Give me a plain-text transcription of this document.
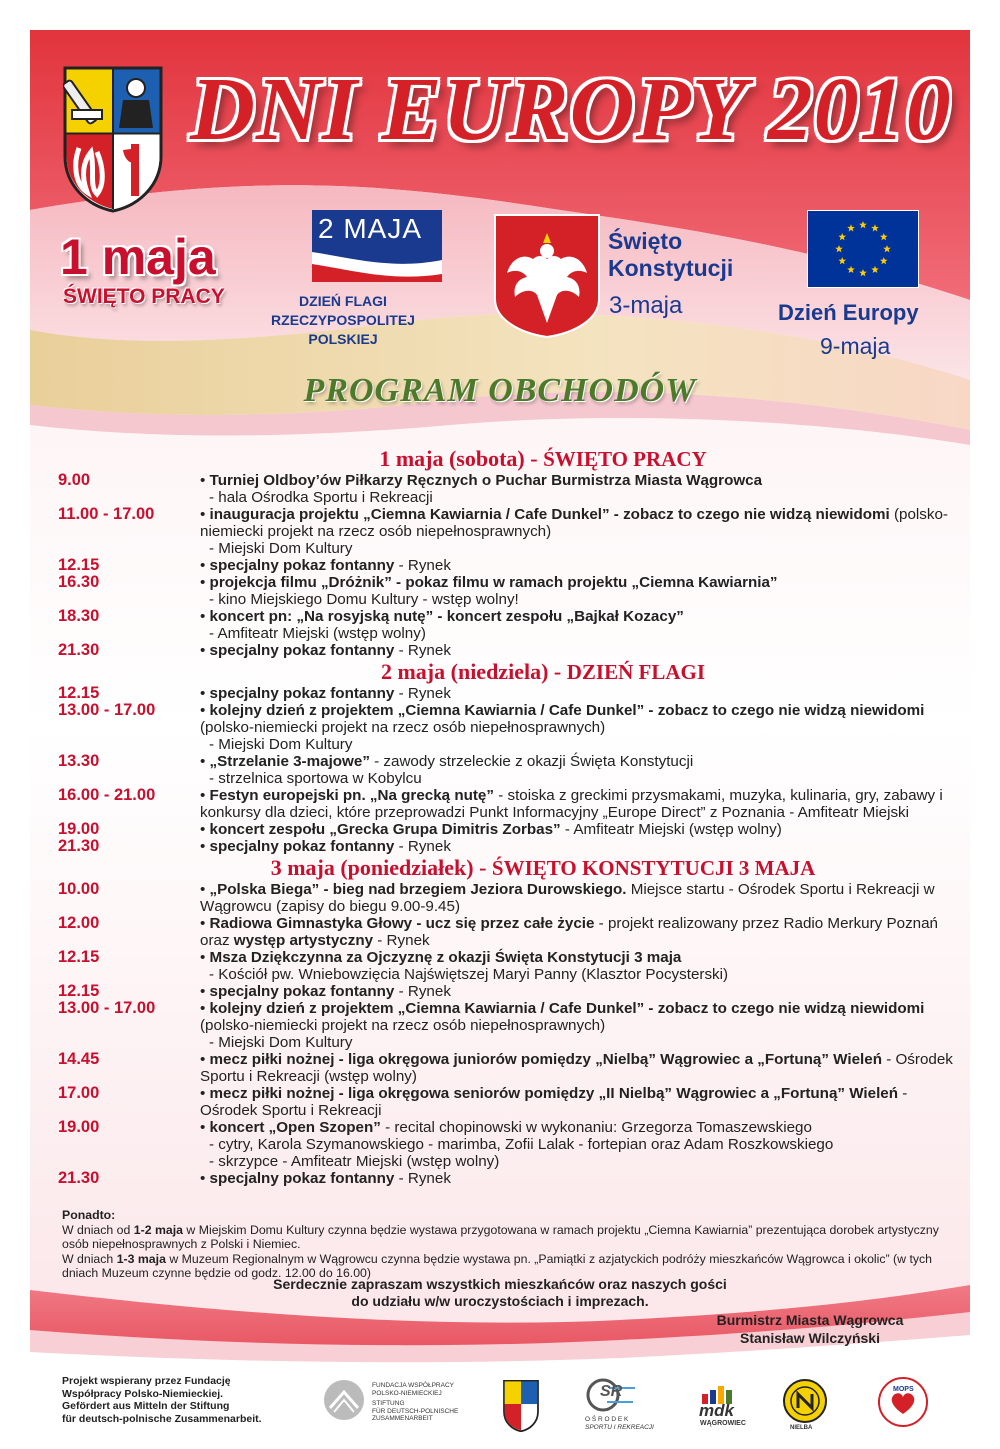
DNI EUROPY 2010
1 maja
ŚWIĘTO PRACY
2 MAJA
DZIEŃ FLAGI
RZECZYPOSPOLITEJ
POLSKIEJ
Święto
Konstytucji
3-maja	Dzień Europy
9-maja
PROGRAM OBCHODÓW
1 maja (sobota) - ŚWIĘTO PRACY
9.00	• Turniej Oldboy’ów Piłkarzy Ręcznych o Puchar Burmistrza Miasta Wągrowca
- hala Ośrodka Sportu i Rekreacji
11.00 - 17.00	• inauguracja projektu „Ciemna Kawiarnia / Cafe Dunkel” - zobacz to czego nie widzą niewidomi (polsko-niemiecki projekt na rzecz osób niepełnosprawnych)
- Miejski Dom Kultury
12.15	• specjalny pokaz fontanny - Rynek
16.30	• projekcja filmu „Dróżnik” - pokaz filmu w ramach projektu „Ciemna Kawiarnia”
- kino Miejskiego Domu Kultury - wstęp wolny!
18.30	• koncert pn: „Na rosyjską nutę” - koncert zespołu „Bajkał Kozacy”
- Amfiteatr Miejski (wstęp wolny)
21.30	• specjalny pokaz fontanny - Rynek
2 maja (niedziela) - DZIEŃ FLAGI
12.15	• specjalny pokaz fontanny - Rynek
13.00 - 17.00	• kolejny dzień z projektem „Ciemna Kawiarnia / Cafe Dunkel” - zobacz to czego nie widzą niewidomi (polsko-niemiecki projekt na rzecz osób niepełnosprawnych)
- Miejski Dom Kultury
13.30	• „Strzelanie 3-majowe” - zawody strzeleckie z okazji Święta Konstytucji
- strzelnica sportowa w Kobylcu
16.00 - 21.00	• Festyn europejski pn. „Na grecką nutę” - stoiska z greckimi przysmakami, muzyka, kulinaria, gry, zabawy i konkursy dla dzieci, które przeprowadzi Punkt Informacyjny „Europe Direct” z Poznania - Amfiteatr Miejski
19.00	• koncert zespołu „Grecka Grupa Dimitris Zorbas” - Amfiteatr Miejski (wstęp wolny)
21.30	• specjalny pokaz fontanny - Rynek
3 maja (poniedziałek) - ŚWIĘTO KONSTYTUCJI 3 MAJA
10.00	• „Polska Biega” - bieg nad brzegiem Jeziora Durowskiego. Miejsce startu - Ośrodek Sportu i Rekreacji w Wągrowcu (zapisy do biegu 9.00-9.45)
12.00	• Radiowa Gimnastyka Głowy - ucz się przez całe życie - projekt realizowany przez Radio Merkury Poznań oraz występ artystyczny - Rynek
12.15	• Msza Dziękczynna za Ojczyznę z okazji Święta Konstytucji 3 maja
- Kościół pw. Wniebowzięcia Najświętszej Maryi Panny (Klasztor Pocysterski)
12.15	• specjalny pokaz fontanny - Rynek
13.00 - 17.00	• kolejny dzień z projektem „Ciemna Kawiarnia / Cafe Dunkel” - zobacz to czego nie widzą niewidomi (polsko-niemiecki projekt na rzecz osób niepełnosprawnych)
- Miejski Dom Kultury
14.45	• mecz piłki nożnej - liga okręgowa juniorów pomiędzy „Nielbą” Wągrowiec a „Fortuną” Wieleń - Ośrodek Sportu i Rekreacji (wstęp wolny)
17.00	• mecz piłki nożnej - liga okręgowa seniorów pomiędzy „II Nielbą” Wągrowiec a „Fortuną” Wieleń - Ośrodek Sportu i Rekreacji
19.00	• koncert „Open Szopen” - recital chopinowski w wykonaniu: Grzegorza Tomaszewskiego
- cytry, Karola Szymanowskiego - marimba, Zofii Lalak - fortepian oraz Adam Roszkowskiego
- skrzypce - Amfiteatr Miejski (wstęp wolny)
21.30	• specjalny pokaz fontanny - Rynek
Ponadto:
W dniach od 1-2 maja w Miejskim Domu Kultury czynna będzie wystawa przygotowana w ramach projektu „Ciemna Kawiarnia” prezentująca dorobek artystyczny osób niepełnosprawnych z Polski i Niemiec.
W dniach 1-3 maja w Muzeum Regionalnym w Wągrowcu czynna będzie wystawa pn. „Pamiątki z azjatyckich podróży mieszkańców Wągrowca i okolic” (w tych dniach Muzeum czynne będzie od godz. 12.00 do 16.00)
Serdecznie zapraszam wszystkich mieszkańców oraz naszych gości
do udziału w/w uroczystościach i imprezach.
Burmistrz Miasta Wągrowca
Stanisław Wilczyński
Projekt wspierany przez Fundację
Współpracy Polsko-Niemieckiej.
Gefördert aus Mitteln der Stiftung
für deutsch-polnische Zusammenarbeit.
FUNDACJA WSPÓŁPRACY
POLSKO-NIEMIECKIEJ
STIFTUNG
FÜR DEUTSCH-POLNISCHE
ZUSAMMENARBEIT
SR
O Ś R O D E K
SPORTU I REKREACJI
mdk
WĄGROWIEC
NIELBA
MOPS
